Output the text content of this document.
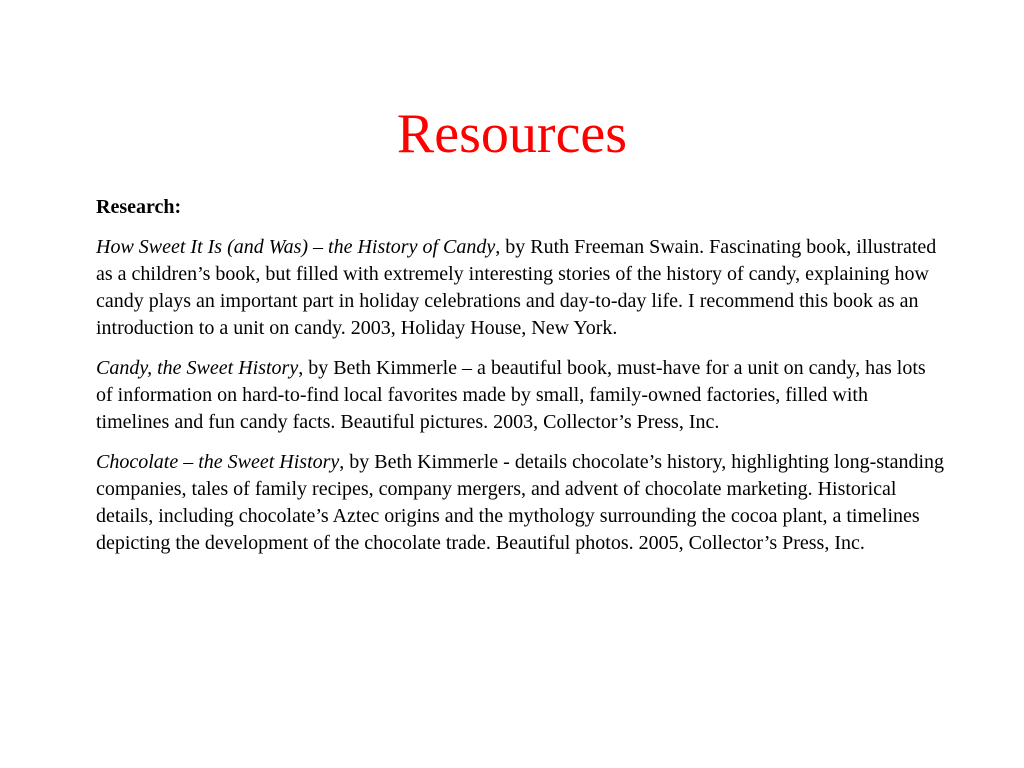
Resources

Research:

How Sweet It Is (and Was) – the History of Candy, by Ruth Freeman Swain. Fascinating book, illustrated as a children’s book, but filled with extremely interesting stories of the history of candy, explaining how candy plays an important part in holiday celebrations and day-to-day life. I recommend this book as an introduction to a unit on candy. 2003, Holiday House, New York.

Candy, the Sweet History, by Beth Kimmerle – a beautiful book, must-have for a unit on candy, has lots of information on hard-to-find local favorites made by small, family-owned factories, filled with timelines and fun candy facts. Beautiful pictures. 2003, Collector’s Press, Inc.

Chocolate – the Sweet History, by Beth Kimmerle - details chocolate’s history, highlighting long-standing companies, tales of family recipes, company mergers, and advent of chocolate marketing. Historical details, including chocolate’s Aztec origins and the mythology surrounding the cocoa plant, a timelines depicting the development of the chocolate trade. Beautiful photos. 2005, Collector’s Press, Inc.
